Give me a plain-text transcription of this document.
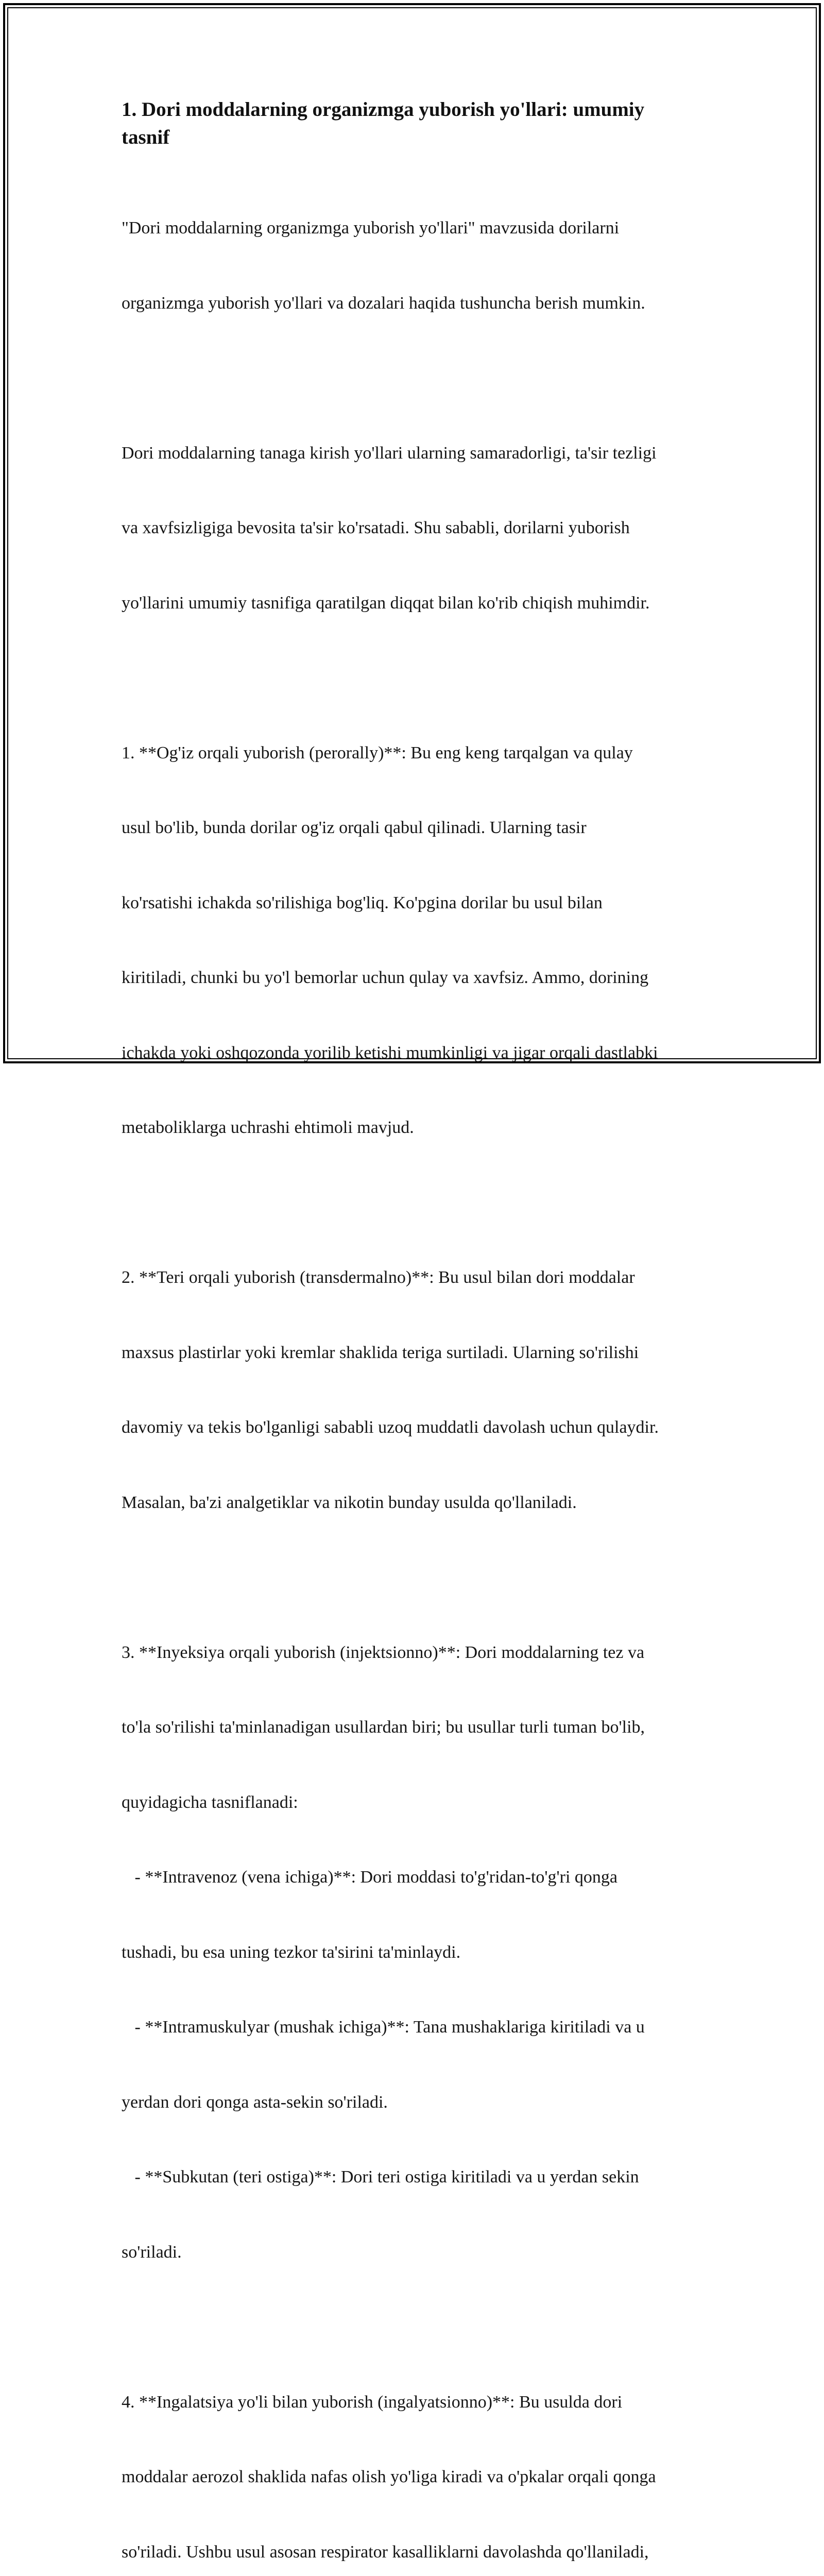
1. Dori moddalarning organizmga yuborish yo'llari: umumiy
tasnif

"Dori moddalarning organizmga yuborish yo'llari" mavzusida dorilarni

organizmga yuborish yo'llari va dozalari haqida tushuncha berish mumkin.

Dori moddalarning tanaga kirish yo'llari ularning samaradorligi, ta'sir tezligi

va xavfsizligiga bevosita ta'sir ko'rsatadi. Shu sababli, dorilarni yuborish

yo'llarini umumiy tasnifiga qaratilgan diqqat bilan ko'rib chiqish muhimdir.

1. **Og'iz orqali yuborish (perorally)**: Bu eng keng tarqalgan va qulay

usul bo'lib, bunda dorilar og'iz orqali qabul qilinadi. Ularning tasir

ko'rsatishi ichakda so'rilishiga bog'liq. Ko'pgina dorilar bu usul bilan

kiritiladi, chunki bu yo'l bemorlar uchun qulay va xavfsiz. Ammo, dorining

ichakda yoki oshqozonda yorilib ketishi mumkinligi va jigar orqali dastlabki

metaboliklarga uchrashi ehtimoli mavjud.

2. **Teri orqali yuborish (transdermalno)**: Bu usul bilan dori moddalar

maxsus plastirlar yoki kremlar shaklida teriga surtiladi. Ularning so'rilishi

davomiy va tekis bo'lganligi sababli uzoq muddatli davolash uchun qulaydir.

Masalan, ba'zi analgetiklar va nikotin bunday usulda qo'llaniladi.

3. **Inyeksiya orqali yuborish (injektsionno)**: Dori moddalarning tez va

to'la so'rilishi ta'minlanadigan usullardan biri; bu usullar turli tuman bo'lib,

quyidagicha tasniflanadi:

- **Intravenoz (vena ichiga)**: Dori moddasi to'g'ridan-to'g'ri qonga

tushadi, bu esa uning tezkor ta'sirini ta'minlaydi.

- **Intramuskulyar (mushak ichiga)**: Tana mushaklariga kiritiladi va u

yerdan dori qonga asta-sekin so'riladi.

- **Subkutan (teri ostiga)**: Dori teri ostiga kiritiladi va u yerdan sekin

so'riladi.

4. **Ingalatsiya yo'li bilan yuborish (ingalyatsionno)**: Bu usulda dori

moddalar aerozol shaklida nafas olish yo'liga kiradi va o'pkalar orqali qonga

so'riladi. Ushbu usul asosan respirator kasalliklarni davolashda qo'llaniladi,
